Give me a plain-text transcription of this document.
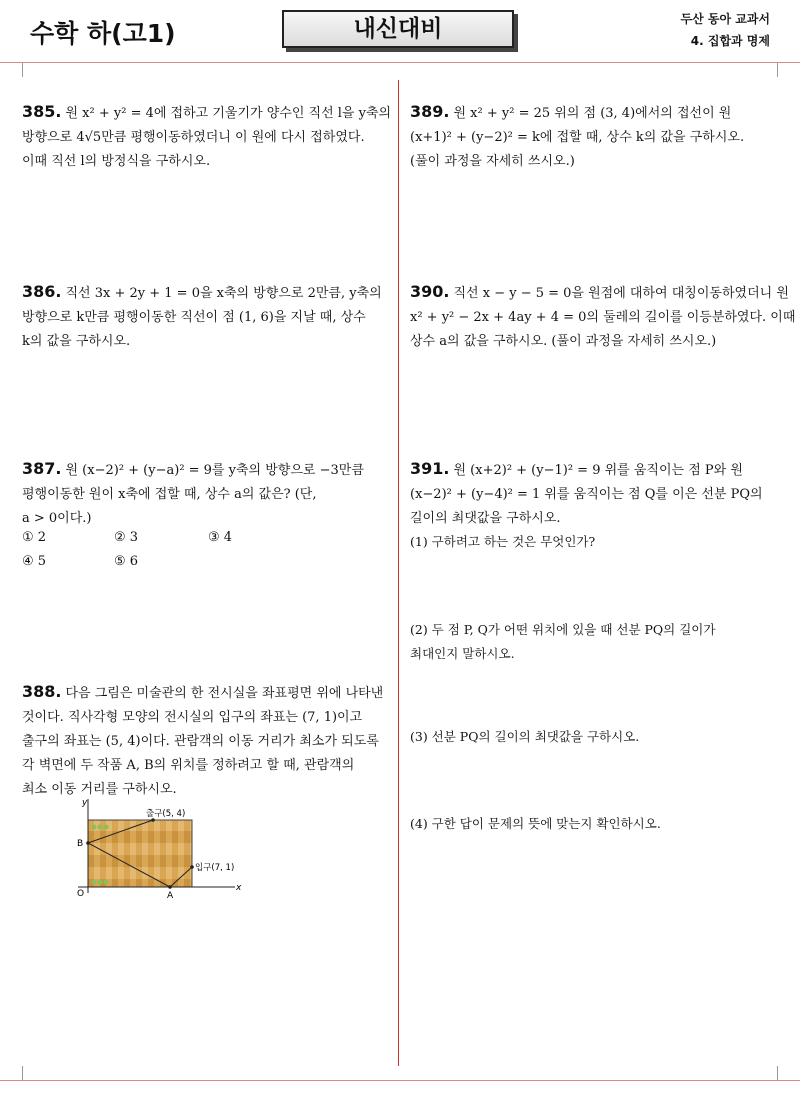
수학 하(고1)	내신대비	두산 동아 교과서
4. 집합과 명제
385. 원 x² + y² = 4에 접하고 기울기가 양수인 직선 l을 y축의
방향으로 4√5만큼 평행이동하였더니 이 원에 다시 접하였다.
이때 직선 l의 방정식을 구하시오.
386. 직선 3x + 2y + 1 = 0을 x축의 방향으로 2만큼, y축의
방향으로 k만큼 평행이동한 직선이 점 (1, 6)을 지날 때, 상수
k의 값을 구하시오.
387. 원 (x−2)² + (y−a)² = 9를 y축의 방향으로 −3만큼
평행이동한 원이 x축에 접할 때, 상수 a의 값은? (단,
a > 0이다.)
① 2	② 3	③ 4
④ 5	⑤ 6
388. 다음 그림은 미술관의 한 전시실을 좌표평면 위에 나타낸
것이다. 직사각형 모양의 전시실의 입구의 좌표는 (7, 1)이고
출구의 좌표는 (5, 4)이다. 관람객의 이동 거리가 최소가 되도록
각 벽면에 두 작품 A, B의 위치를 정하려고 할 때, 관람객의
최소 이동 거리를 구하시오.
y
x
O
출구(5, 4)
입구(7, 1)
A
B
389. 원 x² + y² = 25 위의 점 (3, 4)에서의 접선이 원
(x+1)² + (y−2)² = k에 접할 때, 상수 k의 값을 구하시오.
(풀이 과정을 자세히 쓰시오.)
390. 직선 x − y − 5 = 0을 원점에 대하여 대칭이동하였더니 원
x² + y² − 2x + 4ay + 4 = 0의 둘레의 길이를 이등분하였다. 이때
상수 a의 값을 구하시오. (풀이 과정을 자세히 쓰시오.)
391. 원 (x+2)² + (y−1)² = 9 위를 움직이는 점 P와 원
(x−2)² + (y−4)² = 1 위를 움직이는 점 Q를 이은 선분 PQ의
길이의 최댓값을 구하시오.
(1) 구하려고 하는 것은 무엇인가?
(2) 두 점 P, Q가 어떤 위치에 있을 때 선분 PQ의 길이가
최대인지 말하시오.
(3) 선분 PQ의 길이의 최댓값을 구하시오.
(4) 구한 답이 문제의 뜻에 맞는지 확인하시오.
